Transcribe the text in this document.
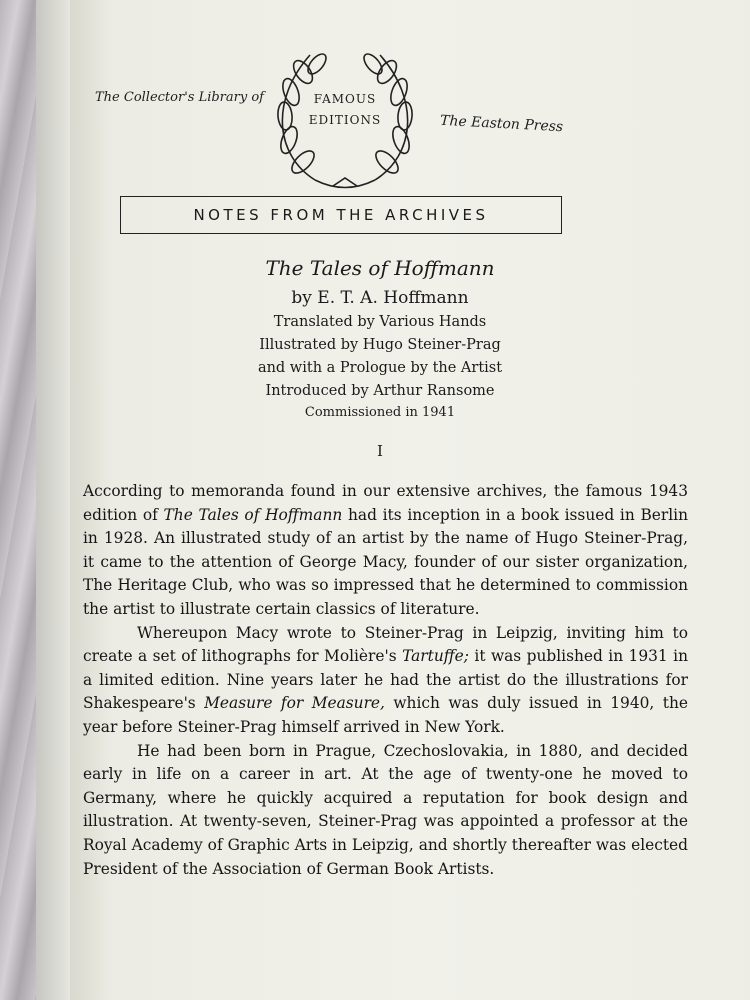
The Collector's Library of	FAMOUS
EDITIONS	The Easton Press
NOTES FROM THE ARCHIVES
The Tales of Hoffmann
by E. T. A. Hoffmann
Translated by Various Hands
Illustrated by Hugo Steiner-Prag
and with a Prologue by the Artist
Introduced by Arthur Ransome
Commissioned in 1941
I

According to memoranda found in our extensive archives, the famous 1943 edition of The Tales of Hoffmann had its inception in a book issued in Berlin in 1928. An illustrated study of an artist by the name of Hugo Steiner-Prag, it came to the attention of George Macy, founder of our sister organization, The Heritage Club, who was so impressed that he determined to commission the artist to illustrate certain classics of literature.

Whereupon Macy wrote to Steiner-Prag in Leipzig, inviting him to create a set of lithographs for Molière's Tartuffe; it was published in 1931 in a limited edition. Nine years later he had the artist do the illustrations for Shakespeare's Measure for Measure, which was duly issued in 1940, the year before Steiner-Prag himself arrived in New York.

He had been born in Prague, Czechoslovakia, in 1880, and decided early in life on a career in art. At the age of twenty-one he moved to Germany, where he quickly acquired a reputation for book design and illustration. At twenty-seven, Steiner-Prag was appointed a professor at the Royal Academy of Graphic Arts in Leipzig, and shortly thereafter was elected President of the Association of German Book Artists.
